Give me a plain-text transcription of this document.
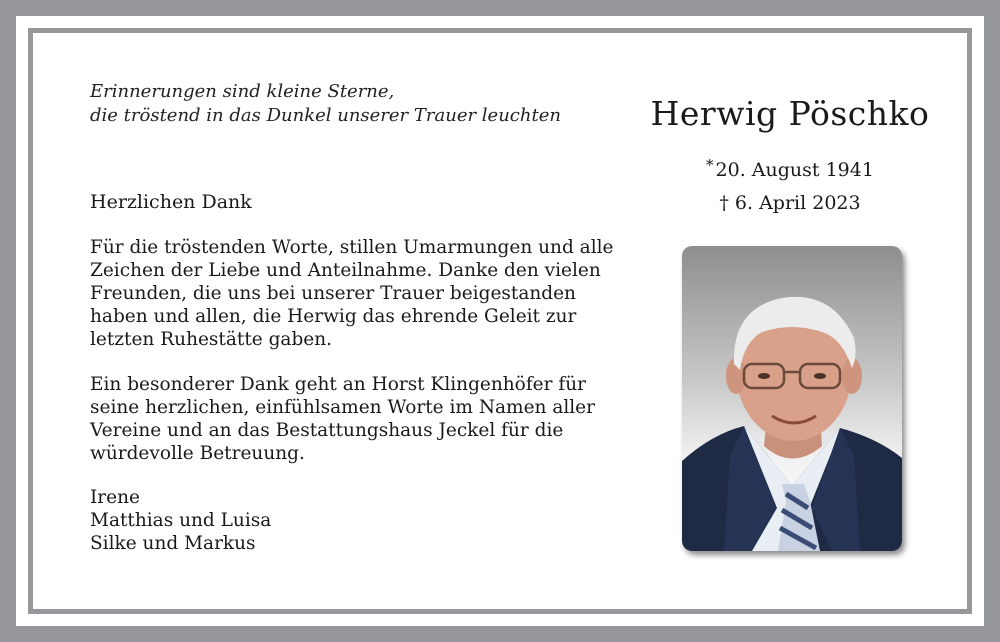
Erinnerungen sind kleine Sterne,
die tröstend in das Dunkel unserer Trauer leuchten
Herzlichen Dank
Für die tröstenden Worte, stillen Umarmungen und alle
Zeichen der Liebe und Anteilnahme. Danke den vielen
Freunden, die uns bei unserer Trauer beigestanden
haben und allen, die Herwig das ehrende Geleit zur
letzten Ruhestätte gaben.
Ein besonderer Dank geht an Horst Klingenhöfer für
seine herzlichen, einfühlsamen Worte im Namen aller
Vereine und an das Bestattungshaus Jeckel für die
würdevolle Betreuung.
Irene
Matthias und Luisa
Silke und Markus
Herwig Pöschko
* 20. August 1941
† 6. April 2023
